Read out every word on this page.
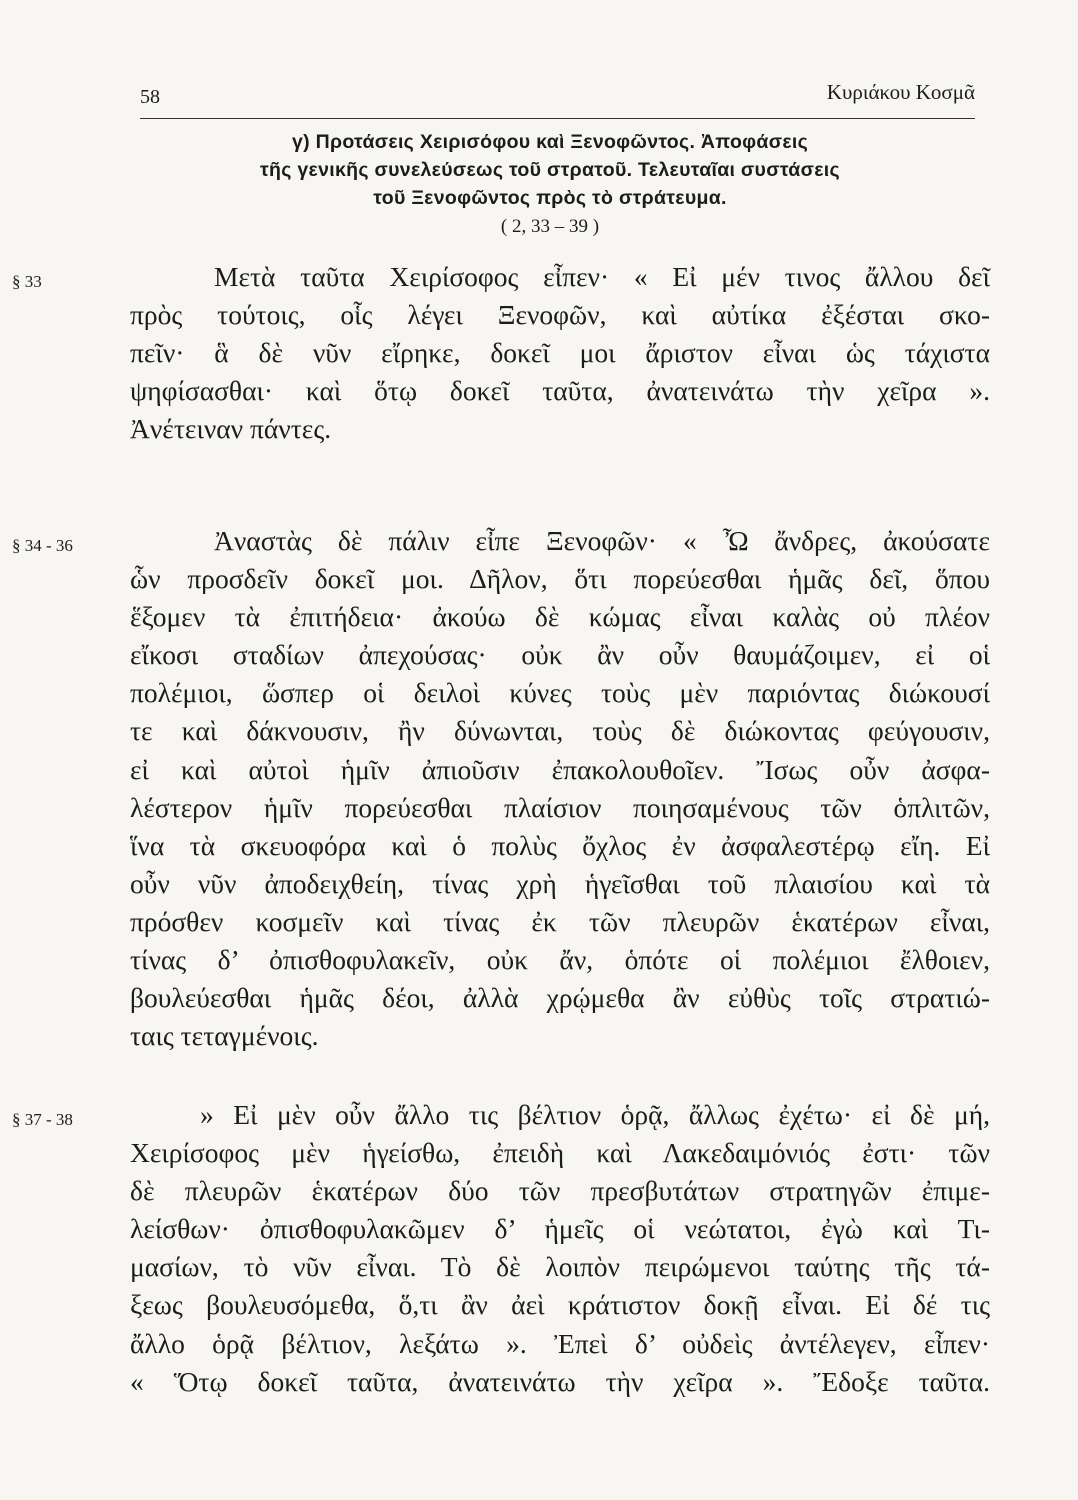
58	Κυριάκου Κοσμᾶ
γ) Προτάσεις Χειρισόφου καὶ Ξενοφῶντος. Ἀποφάσεις
τῆς γενικῆς συνελεύσεως τοῦ στρατοῦ. Τελευταῖαι συστάσεις
τοῦ Ξενοφῶντος πρὸς τὸ στράτευμα.
( 2, 33 – 39 )
§ 33	Μετὰ ταῦτα Χειρίσοφος εἶπεν· « Εἰ μέν τινος ἄλλου δεῖ
πρὸς τούτοις, οἷς λέγει Ξενοφῶν, καὶ αὐτίκα ἐξέσται σκο-
πεῖν· ἃ δὲ νῦν εἴρηκε, δοκεῖ μοι ἄριστον εἶναι ὡς τάχιστα
ψηφίσασθαι· καὶ ὅτῳ δοκεῖ ταῦτα, ἀνατεινάτω τὴν χεῖρα ».
Ἀνέτειναν πάντες.
§ 34 - 36	Ἀναστὰς δὲ πάλιν εἶπε Ξενοφῶν· « Ὦ ἄνδρες, ἀκούσατε
ὧν προσδεῖν δοκεῖ μοι. Δῆλον, ὅτι πορεύεσθαι ἡμᾶς δεῖ, ὅπου
ἕξομεν τὰ ἐπιτήδεια· ἀκούω δὲ κώμας εἶναι καλὰς οὐ πλέον
εἴκοσι σταδίων ἀπεχούσας· οὐκ ἂν οὖν θαυμάζοιμεν, εἰ οἱ
πολέμιοι, ὥσπερ οἱ δειλοὶ κύνες τοὺς μὲν παριόντας διώκουσί
τε καὶ δάκνουσιν, ἢν δύνωνται, τοὺς δὲ διώκοντας φεύγουσιν,
εἰ καὶ αὐτοὶ ἡμῖν ἀπιοῦσιν ἐπακολουθοῖεν. Ἴσως οὖν ἀσφα-
λέστερον ἡμῖν πορεύεσθαι πλαίσιον ποιησαμένους τῶν ὁπλιτῶν,
ἵνα τὰ σκευοφόρα καὶ ὁ πολὺς ὄχλος ἐν ἀσφαλεστέρῳ εἴη. Εἰ
οὖν νῦν ἀποδειχθείη, τίνας χρὴ ἡγεῖσθαι τοῦ πλαισίου καὶ τὰ
πρόσθεν κοσμεῖν καὶ τίνας ἐκ τῶν πλευρῶν ἑκατέρων εἶναι,
τίνας δ’ ὀπισθοφυλακεῖν, οὐκ ἄν, ὁπότε οἱ πολέμιοι ἔλθοιεν,
βουλεύεσθαι ἡμᾶς δέοι, ἀλλὰ χρῴμεθα ἂν εὐθὺς τοῖς στρατιώ-
ταις τεταγμένοις.
§ 37 - 38	» Εἰ μὲν οὖν ἄλλο τις βέλτιον ὁρᾷ, ἄλλως ἐχέτω· εἰ δὲ μή,
Χειρίσοφος μὲν ἡγείσθω, ἐπειδὴ καὶ Λακεδαιμόνιός ἐστι· τῶν
δὲ πλευρῶν ἑκατέρων δύο τῶν πρεσβυτάτων στρατηγῶν ἐπιμε-
λείσθων· ὀπισθοφυλακῶμεν δ’ ἡμεῖς οἱ νεώτατοι, ἐγὼ καὶ Τι-
μασίων, τὸ νῦν εἶναι. Τὸ δὲ λοιπὸν πειρώμενοι ταύτης τῆς τά-
ξεως βουλευσόμεθα, ὅ,τι ἂν ἀεὶ κράτιστον δοκῇ εἶναι. Εἰ δέ τις
ἄλλο ὁρᾷ βέλτιον, λεξάτω ». Ἐπεὶ δ’ οὐδεὶς ἀντέλεγεν, εἶπεν·
« Ὅτῳ δοκεῖ ταῦτα, ἀνατεινάτω τὴν χεῖρα ». Ἔδοξε ταῦτα.
